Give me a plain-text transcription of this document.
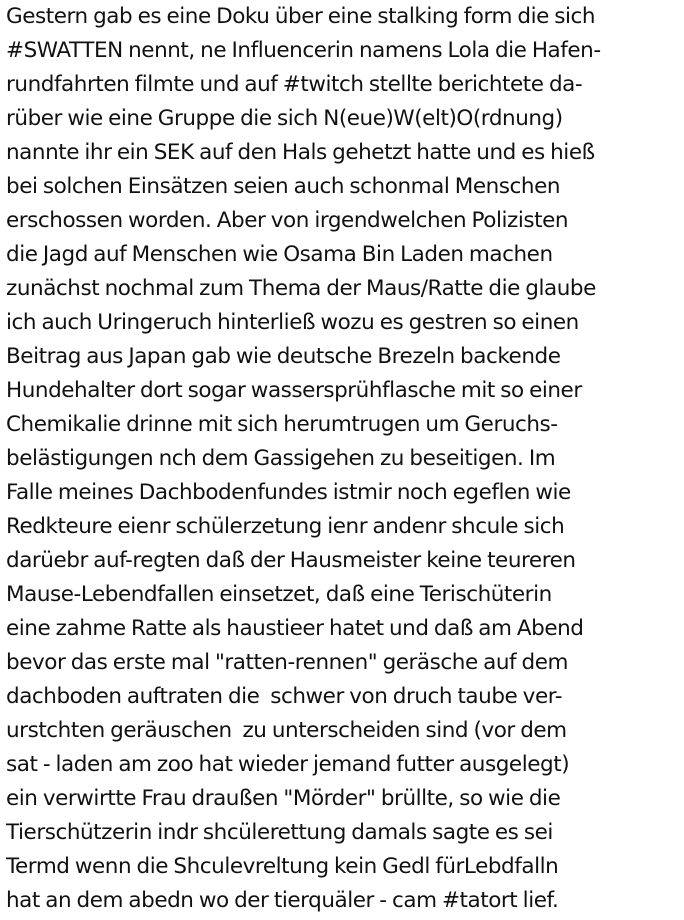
Gestern gab es eine Doku über eine stalking form die sich
#SWATTEN nennt, ne Influencerin namens Lola die Hafen-
rundfahrten filmte und auf #twitch stellte berichtete da-
rüber wie eine Gruppe die sich N(eue)W(elt)O(rdnung)
nannte ihr ein SEK auf den Hals gehetzt hatte und es hieß
bei solchen Einsätzen seien auch schonmal Menschen
erschossen worden. Aber von irgendwelchen Polizisten
die Jagd auf Menschen wie Osama Bin Laden machen
zunächst nochmal zum Thema der Maus/Ratte die glaube
ich auch Uringeruch hinterließ wozu es gestren so einen
Beitrag aus Japan gab wie deutsche Brezeln backende
Hundehalter dort sogar wassersprühflasche mit so einer
Chemikalie drinne mit sich herumtrugen um Geruchs-
belästigungen nch dem Gassigehen zu beseitigen. Im
Falle meines Dachbodenfundes istmir noch egeflen wie
Redkteure eienr schülerzetung ienr andenr shcule sich
darüebr auf-regten daß der Hausmeister keine teureren
Mause-Lebendfallen einsetzet, daß eine Terischüterin
eine zahme Ratte als haustieer hatet und daß am Abend
bevor das erste mal "ratten-rennen" geräsche auf dem
dachboden auftraten die  schwer von druch taube ver-
urstchten geräuschen  zu unterscheiden sind (vor dem
sat - laden am zoo hat wieder jemand futter ausgelegt)
ein verwirtte Frau draußen "Mörder" brüllte, so wie die
Tierschützerin indr shcülerettung damals sagte es sei
Termd wenn die Shculevreltung kein Gedl fürLebdfalln
hat an dem abedn wo der tierquäler - cam #tatort lief.
